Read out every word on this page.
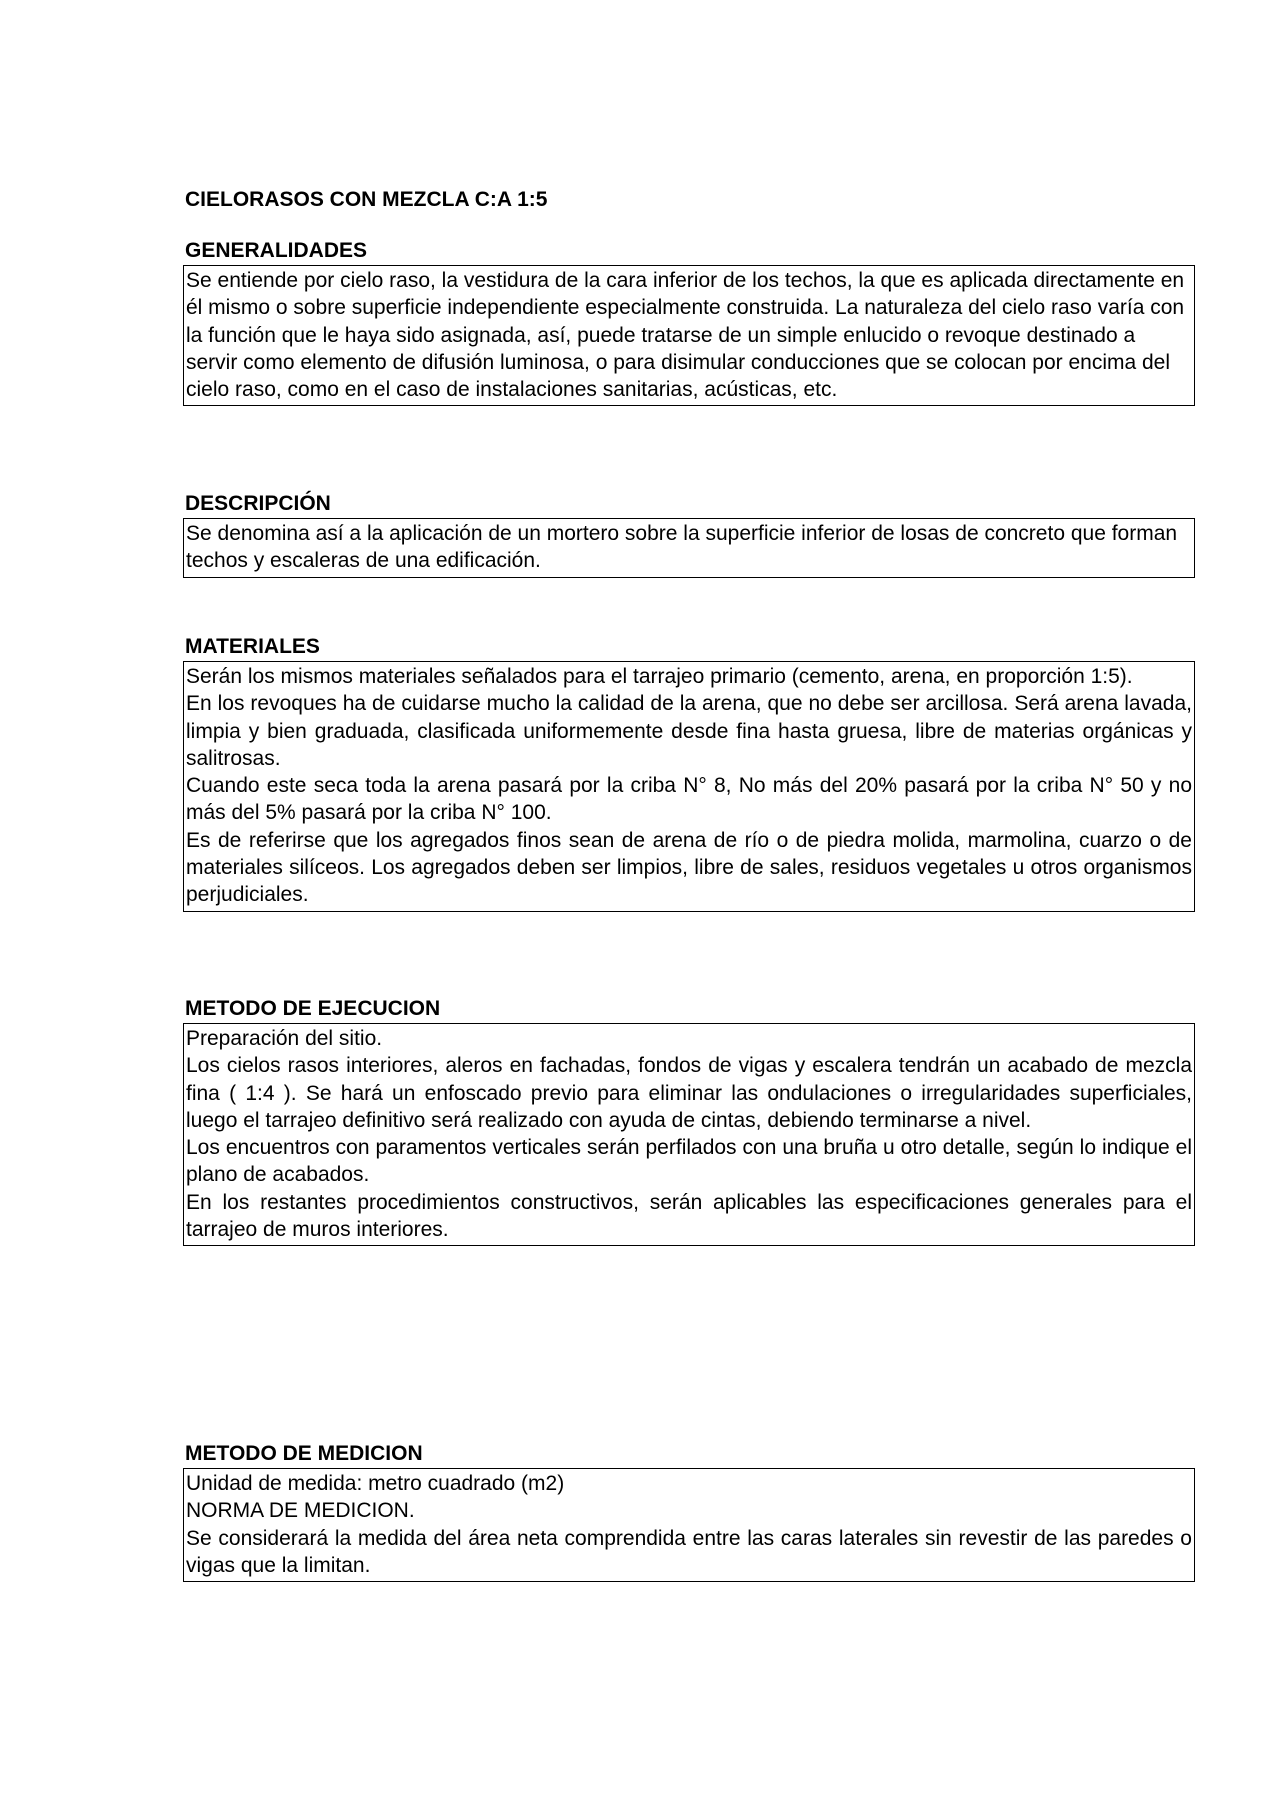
CIELORASOS CON MEZCLA C:A 1:5
GENERALIDADES

Se entiende por cielo raso, la vestidura de la cara inferior de los techos, la que es aplicada directamente en él mismo o sobre superficie independiente especialmente construida. La naturaleza del cielo raso varía con la función que le haya sido asignada, así, puede tratarse de un simple enlucido o revoque destinado a servir como elemento de difusión luminosa, o para disimular conducciones que se colocan por encima del cielo raso, como en el caso de instalaciones sanitarias, acústicas, etc.

DESCRIPCIÓN

Se denomina así a la aplicación de un mortero sobre la superficie inferior de losas de concreto que forman techos y escaleras de una edificación.

MATERIALES

Serán los mismos materiales señalados para el tarrajeo primario (cemento, arena, en proporción 1:5).

En los revoques ha de cuidarse mucho la calidad de la arena, que no debe ser arcillosa. Será arena lavada, limpia y bien graduada, clasificada uniformemente desde fina hasta gruesa, libre de materias orgánicas y salitrosas.

Cuando este seca toda la arena pasará por la criba N° 8, No más del 20% pasará por la criba N° 50 y no más del 5% pasará por la criba N° 100.

Es de referirse que los agregados finos sean de arena de río o de piedra molida, marmolina, cuarzo o de materiales silíceos. Los agregados deben ser limpios, libre de sales, residuos vegetales u otros organismos perjudiciales.

METODO DE EJECUCION

Preparación del sitio.

Los cielos rasos interiores, aleros en fachadas, fondos de vigas y escalera tendrán un acabado de mezcla fina ( 1:4 ). Se hará un enfoscado previo para eliminar las ondulaciones o irregularidades superficiales, luego el tarrajeo definitivo será realizado con ayuda de cintas, debiendo terminarse a nivel.

Los encuentros con paramentos verticales serán perfilados con una bruña u otro detalle, según lo indique el plano de acabados.

En los restantes procedimientos constructivos, serán aplicables las especificaciones generales para el tarrajeo de muros interiores.

METODO DE MEDICION

Unidad de medida: metro cuadrado (m2)

NORMA DE MEDICION.

Se considerará la medida del área neta comprendida entre las caras laterales sin revestir de las paredes o vigas que la limitan.
